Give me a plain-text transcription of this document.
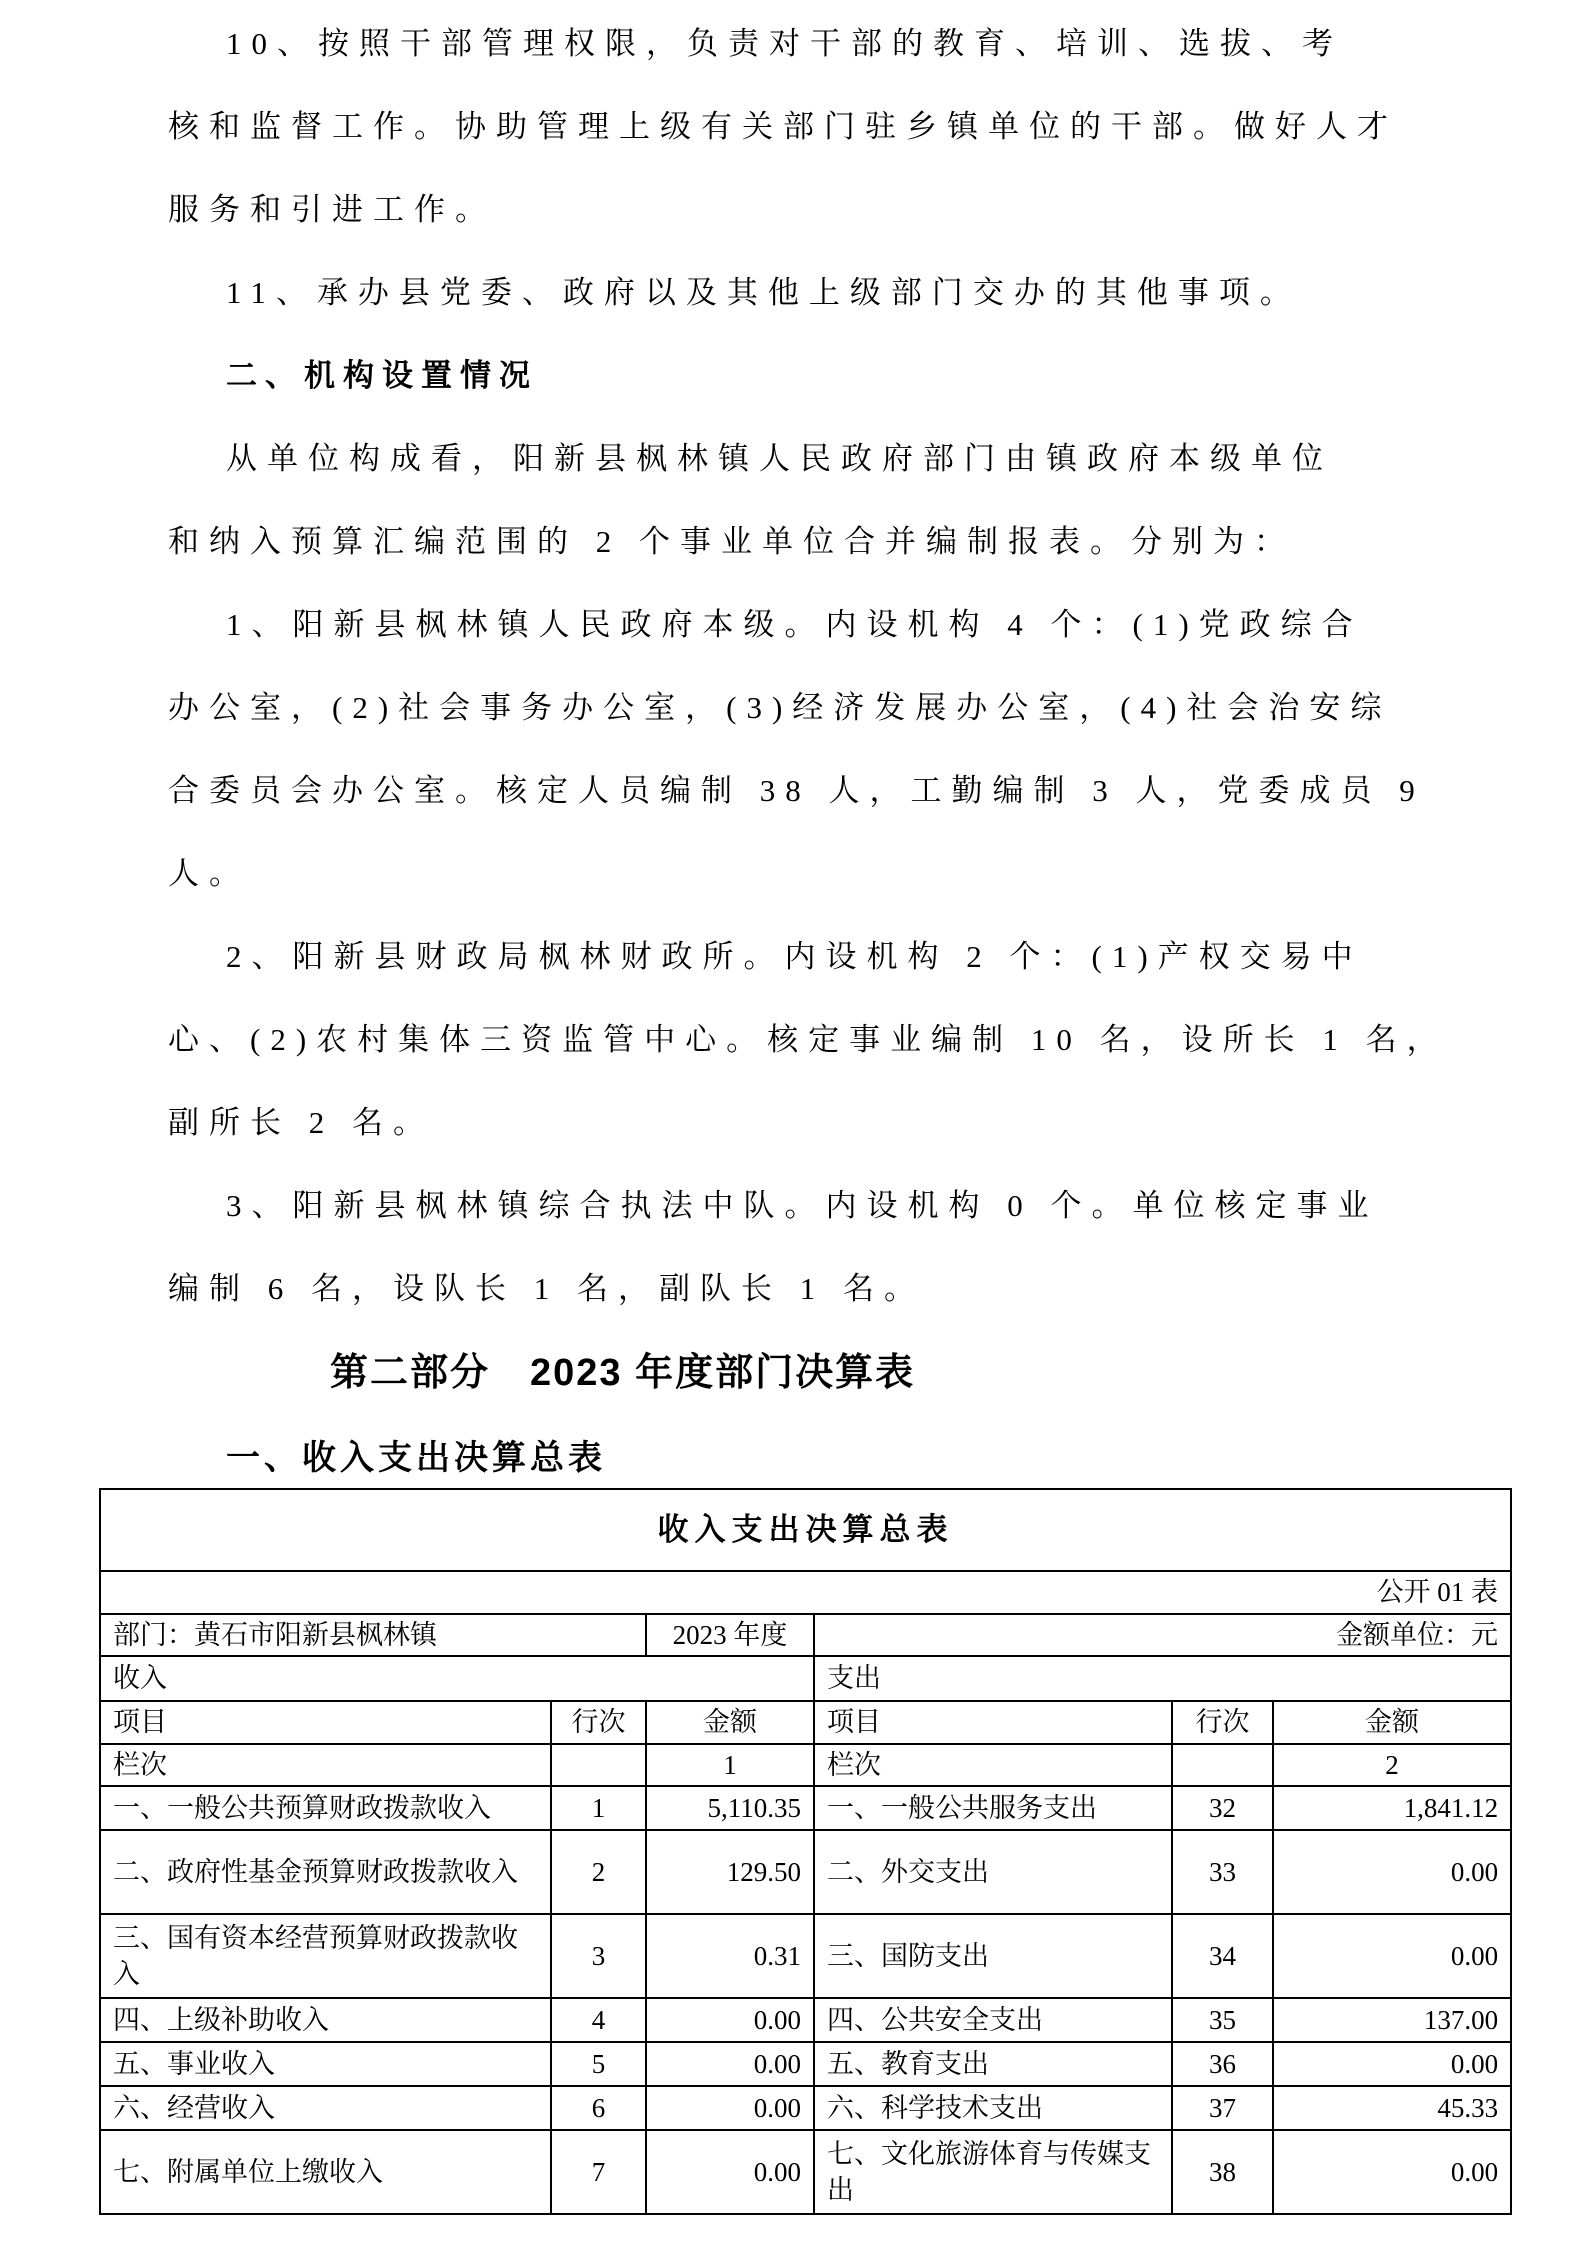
10、按照干部管理权限，负责对干部的教育、培训、选拔、考
核和监督工作。协助管理上级有关部门驻乡镇单位的干部。做好人才
服务和引进工作。
11、承办县党委、政府以及其他上级部门交办的其他事项。
二、机构设置情况
从单位构成看，阳新县枫林镇人民政府部门由镇政府本级单位
和纳入预算汇编范围的 2 个事业单位合并编制报表。分别为：
1、阳新县枫林镇人民政府本级。内设机构 4 个：(1)党政综合
办公室，(2)社会事务办公室，(3)经济发展办公室，(4)社会治安综
合委员会办公室。核定人员编制 38 人，工勤编制 3 人，党委成员 9
人。
2、阳新县财政局枫林财政所。内设机构 2 个：(1)产权交易中
心、(2)农村集体三资监管中心。核定事业编制 10 名，设所长 1 名，
副所长 2 名。
3、阳新县枫林镇综合执法中队。内设机构 0 个。单位核定事业
编制 6 名，设队长 1 名，副队长 1 名。
第二部分　2023 年度部门决算表
一、收入支出决算总表
收入支出决算总表					
公开 01 表					
部门：黄石市阳新县枫林镇		2023 年度	金额单位：元		
收入			支出		
项目	行次	金额	项目	行次	金额
栏次		1	栏次		2
一、一般公共预算财政拨款收入	1	5,110.35	一、一般公共服务支出	32	1,841.12
二、政府性基金预算财政拨款收入	2	129.50	二、外交支出	33	0.00
三、国有资本经营预算财政拨款收入	3	0.31	三、国防支出	34	0.00
四、上级补助收入	4	0.00	四、公共安全支出	35	137.00
五、事业收入	5	0.00	五、教育支出	36	0.00
六、经营收入	6	0.00	六、科学技术支出	37	45.33
七、附属单位上缴收入	7	0.00	七、文化旅游体育与传媒支出	38	0.00
